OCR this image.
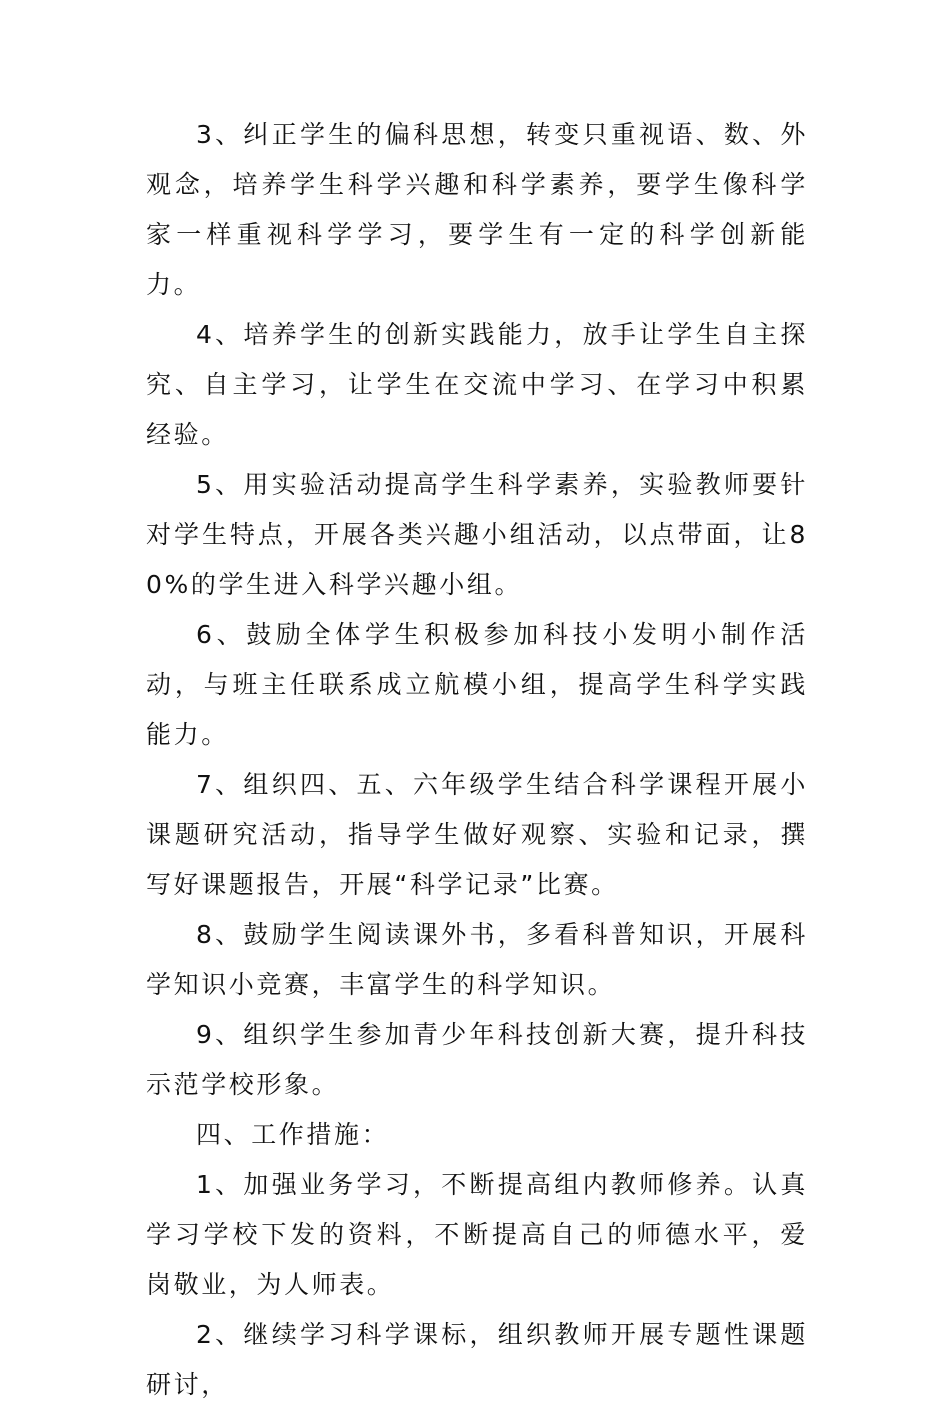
3、纠正学生的偏科思想，转变只重视语、数、外观念，培养学生科学兴趣和科学素养，要学生像科学家一样重视科学学习，要学生有一定的科学创新能力。

4、培养学生的创新实践能力，放手让学生自主探究、自主学习，让学生在交流中学习、在学习中积累经验。

5、用实验活动提高学生科学素养，实验教师要针对学生特点，开展各类兴趣小组活动，以点带面，让80%的学生进入科学兴趣小组。

6、鼓励全体学生积极参加科技小发明小制作活动，与班主任联系成立航模小组，提高学生科学实践能力。

7、组织四、五、六年级学生结合科学课程开展小课题研究活动，指导学生做好观察、实验和记录，撰写好课题报告，开展“科学记录”比赛。

8、鼓励学生阅读课外书，多看科普知识，开展科学知识小竞赛，丰富学生的科学知识。

9、组织学生参加青少年科技创新大赛，提升科技示范学校形象。

四、工作措施：

1、加强业务学习，不断提高组内教师修养。认真学习学校下发的资料，不断提高自己的师德水平，爱岗敬业，为人师表。

2、继续学习科学课标，组织教师开展专题性课题研讨，
